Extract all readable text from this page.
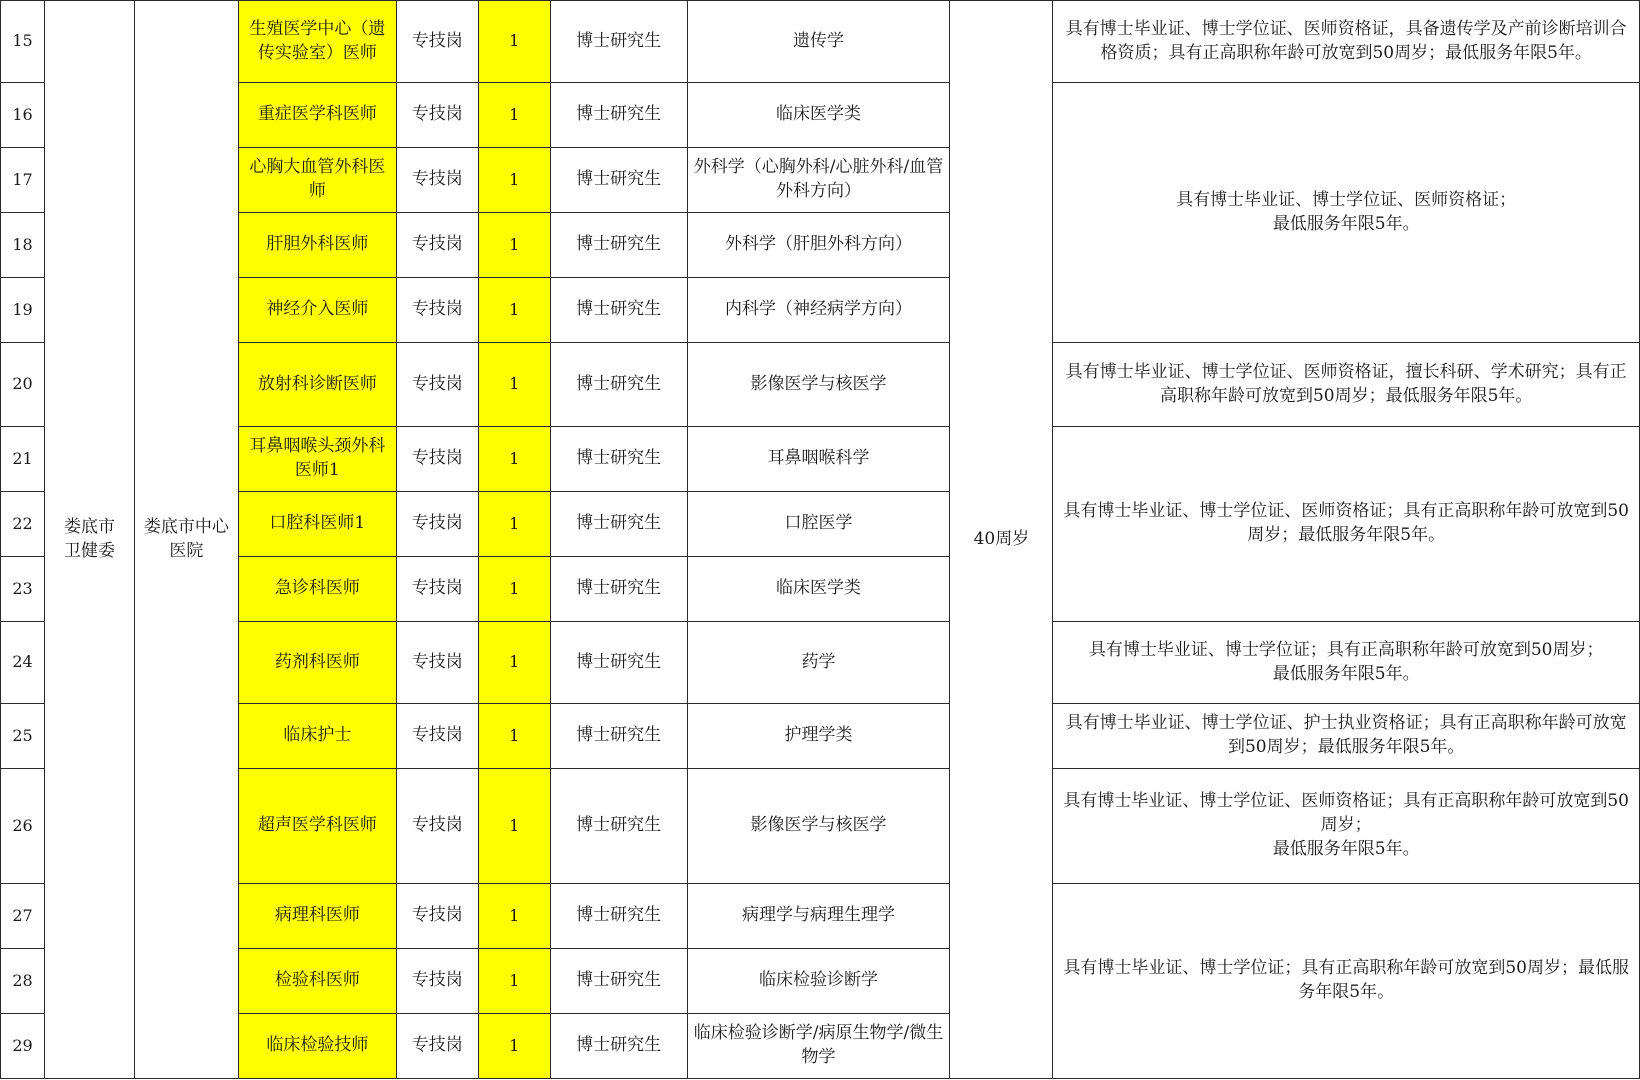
15	娄底市卫健委	娄底市中心医院	生殖医学中心（遗传实验室）医师	专技岗	1	博士研究生	遗传学	40周岁	具有博士毕业证、博士学位证、医师资格证，具备遗传学及产前诊断培训合格资质；具有正高职称年龄可放宽到50周岁；最低服务年限5年。
16			重症医学科医师	专技岗	1	博士研究生	临床医学类		具有博士毕业证、博士学位证、医师资格证；
最低服务年限5年。
17			心胸大血管外科医师	专技岗	1	博士研究生	外科学（心胸外科/心脏外科/血管外科方向）		
18			肝胆外科医师	专技岗	1	博士研究生	外科学（肝胆外科方向）		
19			神经介入医师	专技岗	1	博士研究生	内科学（神经病学方向）		
20			放射科诊断医师	专技岗	1	博士研究生	影像医学与核医学		具有博士毕业证、博士学位证、医师资格证，擅长科研、学术研究；具有正高职称年龄可放宽到50周岁；最低服务年限5年。
21			耳鼻咽喉头颈外科医师1	专技岗	1	博士研究生	耳鼻咽喉科学		具有博士毕业证、博士学位证、医师资格证；具有正高职称年龄可放宽到50周岁；最低服务年限5年。
22			口腔科医师1	专技岗	1	博士研究生	口腔医学		
23			急诊科医师	专技岗	1	博士研究生	临床医学类		
24			药剂科医师	专技岗	1	博士研究生	药学		具有博士毕业证、博士学位证；具有正高职称年龄可放宽到50周岁；
最低服务年限5年。
25			临床护士	专技岗	1	博士研究生	护理学类		具有博士毕业证、博士学位证、护士执业资格证；具有正高职称年龄可放宽到50周岁；最低服务年限5年。
26			超声医学科医师	专技岗	1	博士研究生	影像医学与核医学		具有博士毕业证、博士学位证、医师资格证；具有正高职称年龄可放宽到50周岁；
最低服务年限5年。
27			病理科医师	专技岗	1	博士研究生	病理学与病理生理学		具有博士毕业证、博士学位证；具有正高职称年龄可放宽到50周岁；最低服务年限5年。
28			检验科医师	专技岗	1	博士研究生	临床检验诊断学		
29			临床检验技师	专技岗	1	博士研究生	临床检验诊断学/病原生物学/微生物学		
